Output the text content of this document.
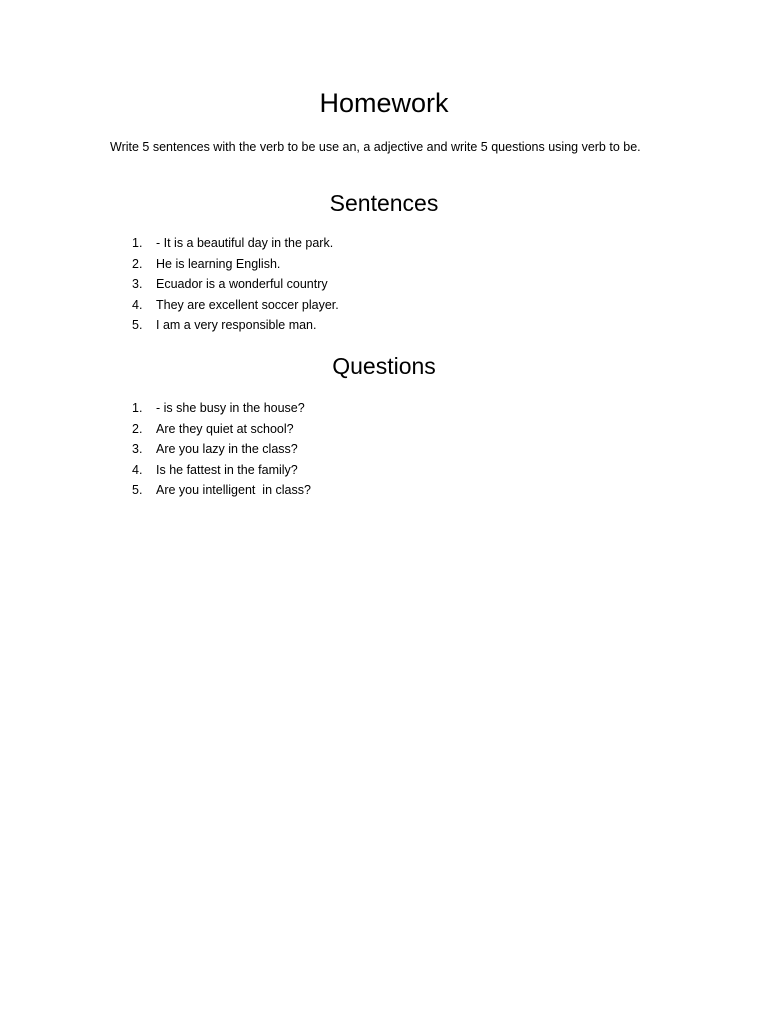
Homework

Write 5 sentences with the verb to be use an, a adjective and write 5 questions using verb to be.

Sentences
1. - It is a beautiful day in the park.
2. He is learning English.
3. Ecuador is a wonderful country
4. They are excellent soccer player.
5. I am a very responsible man.
Questions
1. - is she busy in the house?
2. Are they quiet at school?
3. Are you lazy in the class?
4. Is he fattest in the family?
5. Are you intelligent  in class?
